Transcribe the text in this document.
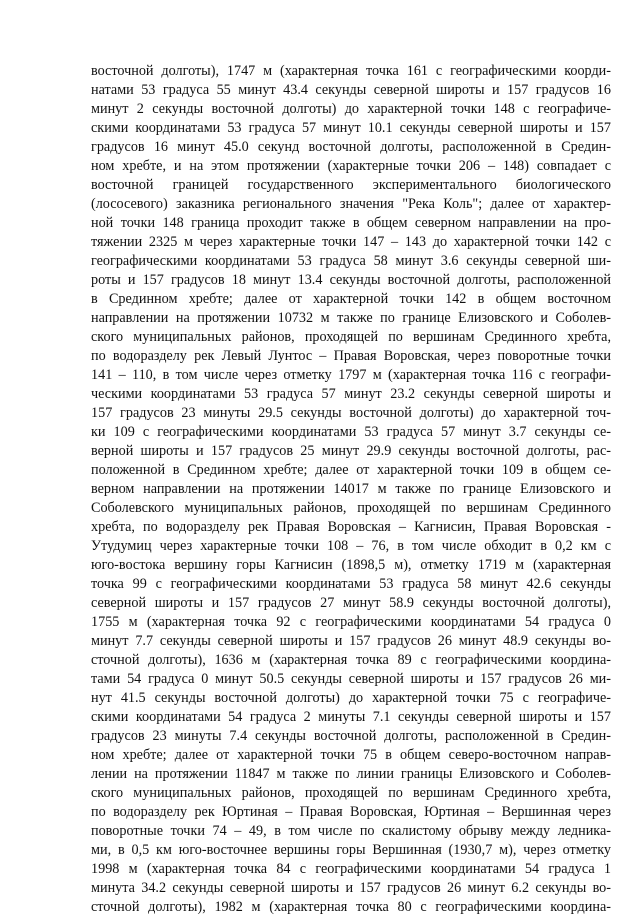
восточной долготы), 1747 м (характерная точка 161 с географическими коорди-
натами 53 градуса 55 минут 43.4 секунды северной широты и 157 градусов 16
минут 2 секунды восточной долготы) до характерной точки 148 с географиче-
скими координатами 53 градуса 57 минут 10.1 секунды северной широты и 157
градусов 16 минут 45.0 секунд восточной долготы, расположенной в Средин-
ном хребте, и на этом протяжении (характерные точки 206 – 148) совпадает с
восточной границей государственного экспериментального биологического
(лососевого) заказника регионального значения "Река Коль"; далее от характер-
ной точки 148 граница проходит также в общем северном направлении на про-
тяжении 2325 м через характерные точки 147 – 143 до характерной точки 142 с
географическими координатами 53 градуса 58 минут 3.6 секунды северной ши-
роты и 157 градусов 18 минут 13.4 секунды восточной долготы, расположенной
в Срединном хребте; далее от характерной точки 142 в общем восточном
направлении на протяжении 10732 м также по границе Елизовского и Соболев-
ского муниципальных районов, проходящей по вершинам Срединного хребта,
по водоразделу рек Левый Лунтос – Правая Воровская, через поворотные точки
141 – 110, в том числе через отметку 1797 м (характерная точка 116 с географи-
ческими координатами 53 градуса 57 минут 23.2 секунды северной широты и
157 градусов 23 минуты 29.5 секунды восточной долготы) до характерной точ-
ки 109 с географическими координатами 53 градуса 57 минут 3.7 секунды се-
верной широты и 157 градусов 25 минут 29.9 секунды восточной долготы, рас-
положенной в Срединном хребте; далее от характерной точки 109 в общем се-
верном направлении на протяжении 14017 м также по границе Елизовского и
Соболевского муниципальных районов, проходящей по вершинам Срединного
хребта, по водоразделу рек Правая Воровская – Кагнисин, Правая Воровская -
Утудумиц через характерные точки 108 – 76, в том числе обходит в 0,2 км с
юго-востока вершину горы Кагнисин (1898,5 м), отметку 1719 м (характерная
точка 99 с географическими координатами 53 градуса 58 минут 42.6 секунды
северной широты и 157 градусов 27 минут 58.9 секунды восточной долготы),
1755 м (характерная точка 92 с географическими координатами 54 градуса 0
минут 7.7 секунды северной широты и 157 градусов 26 минут 48.9 секунды во-
сточной долготы), 1636 м (характерная точка 89 с географическими координа-
тами 54 градуса 0 минут 50.5 секунды северной широты и 157 градусов 26 ми-
нут 41.5 секунды восточной долготы) до характерной точки 75 с географиче-
скими координатами 54 градуса 2 минуты 7.1 секунды северной широты и 157
градусов 23 минуты 7.4 секунды восточной долготы, расположенной в Средин-
ном хребте; далее от характерной точки 75 в общем северо-восточном направ-
лении на протяжении 11847 м также по линии границы Елизовского и Соболев-
ского муниципальных районов, проходящей по вершинам Срединного хребта,
по водоразделу рек Юртиная – Правая Воровская, Юртиная – Вершинная через
поворотные точки 74 – 49, в том числе по скалистому обрыву между ледника-
ми, в 0,5 км юго-восточнее вершины горы Вершинная (1930,7 м), через отметку
1998 м (характерная точка 84 с географическими координатами 54 градуса 1
минута 34.2 секунды северной широты и 157 градусов 26 минут 6.2 секунды во-
сточной долготы), 1982 м (характерная точка 80 с географическими координа-
